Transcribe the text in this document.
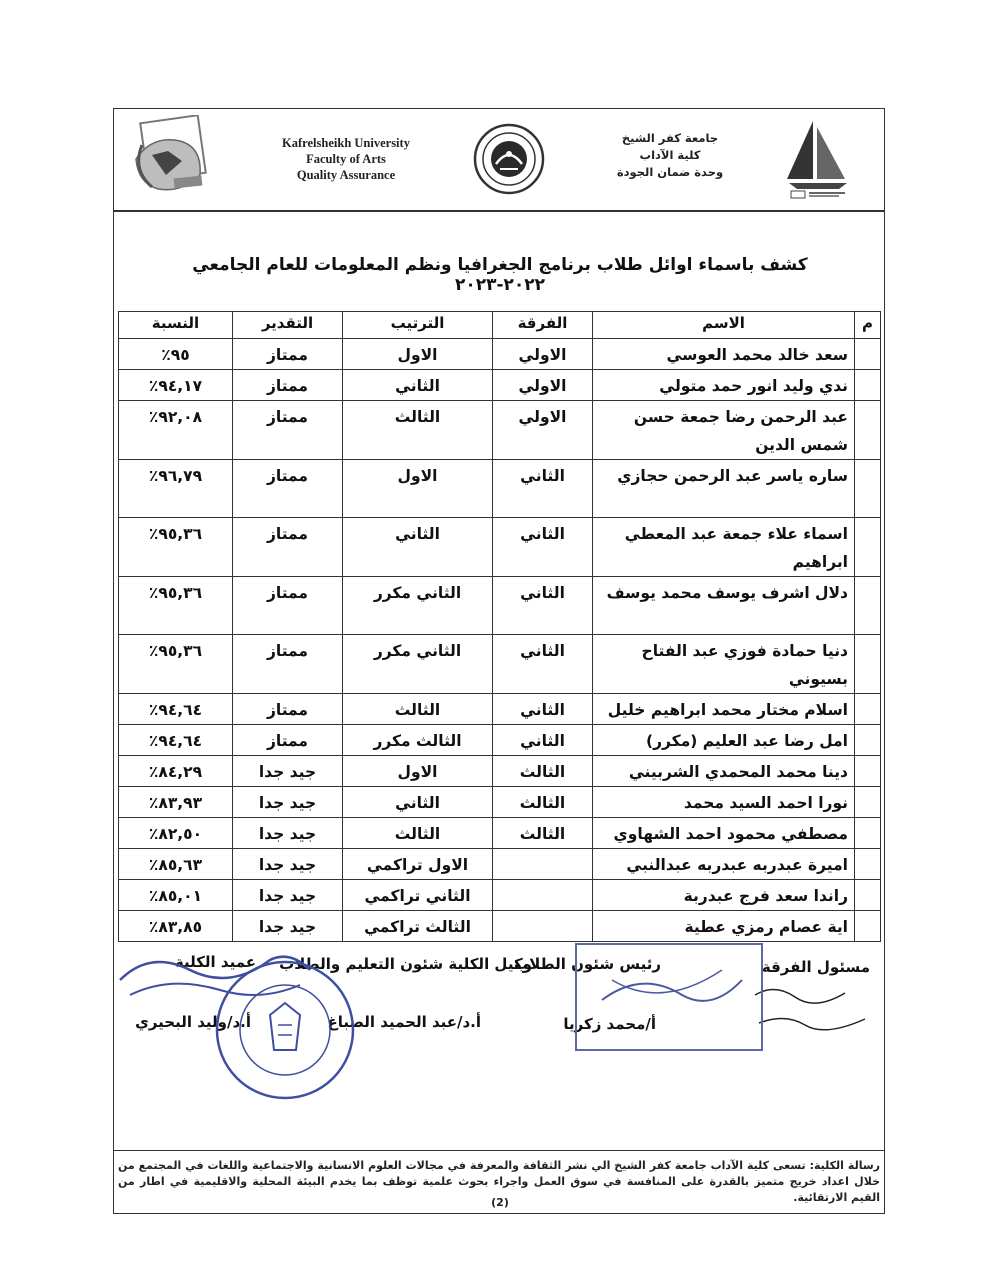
Kafrelsheikh University
Faculty of Arts
Quality Assurance
جامعة كفر الشيخ
كلية الآداب
وحدة ضمان الجودة
كشف باسماء اوائل طلاب برنامج الجغرافيا ونظم المعلومات للعام الجامعي ٢٠٢٢-٢٠٢٣
م	الاسم	الفرقة	الترتيب	التقدير	النسبة
	سعد خالد محمد العوسي	الاولي	الاول	ممتاز	٪٩٥
	ندي وليد انور حمد متولي	الاولي	الثاني	ممتاز	٪٩٤,١٧
	عبد الرحمن رضا جمعة حسن شمس الدين	الاولي	الثالث	ممتاز	٪٩٢,٠٨
	ساره ياسر عبد الرحمن حجازي	الثاني	الاول	ممتاز	٪٩٦,٧٩
	اسماء علاء جمعة عبد المعطي ابراهيم	الثاني	الثاني	ممتاز	٪٩٥,٣٦
	دلال اشرف يوسف محمد يوسف	الثاني	الثاني مكرر	ممتاز	٪٩٥,٣٦
	دنيا حمادة فوزي عبد الفتاح بسيوني	الثاني	الثاني مكرر	ممتاز	٪٩٥,٣٦
	اسلام مختار محمد ابراهيم خليل	الثاني	الثالث	ممتاز	٪٩٤,٦٤
	امل رضا عبد العليم (مكرر)	الثاني	الثالث مكرر	ممتاز	٪٩٤,٦٤
	دينا محمد المحمدي الشربيني	الثالث	الاول	جيد جدا	٪٨٤,٢٩
	نورا احمد السيد محمد	الثالث	الثاني	جيد جدا	٪٨٣,٩٣
	مصطفي محمود احمد الشهاوي	الثالث	الثالث	جيد جدا	٪٨٢,٥٠
	اميرة عبدربه عبدربه عبدالنبي		الاول تراكمي	جيد جدا	٪٨٥,٦٣
	راندا سعد فرج عبدربة		الثاني تراكمي	جيد جدا	٪٨٥,٠١
	اية عصام رمزي عطية		الثالث تراكمي	جيد جدا	٪٨٣,٨٥
مسئول الفرقة
رئيس شئون الطلاب
وكيل الكلية شئون التعليم والطلاب
عميد الكلية
أ/محمد زكريا
أ.د/عبد الحميد الصباغ
أ.د/وليد البحيري
رسالة الكلية: تسعى كلية الآداب جامعة كفر الشيخ الي نشر الثقافة والمعرفة في مجالات العلوم الانسانية والاجتماعية واللغات في المجتمع من خلال اعداد خريج متميز بالقدرة على المنافسة في سوق العمل واجراء بحوث علمية توظف بما يخدم البيئة المحلية والاقليمية في اطار من القيم الارتقائية.
(2)
